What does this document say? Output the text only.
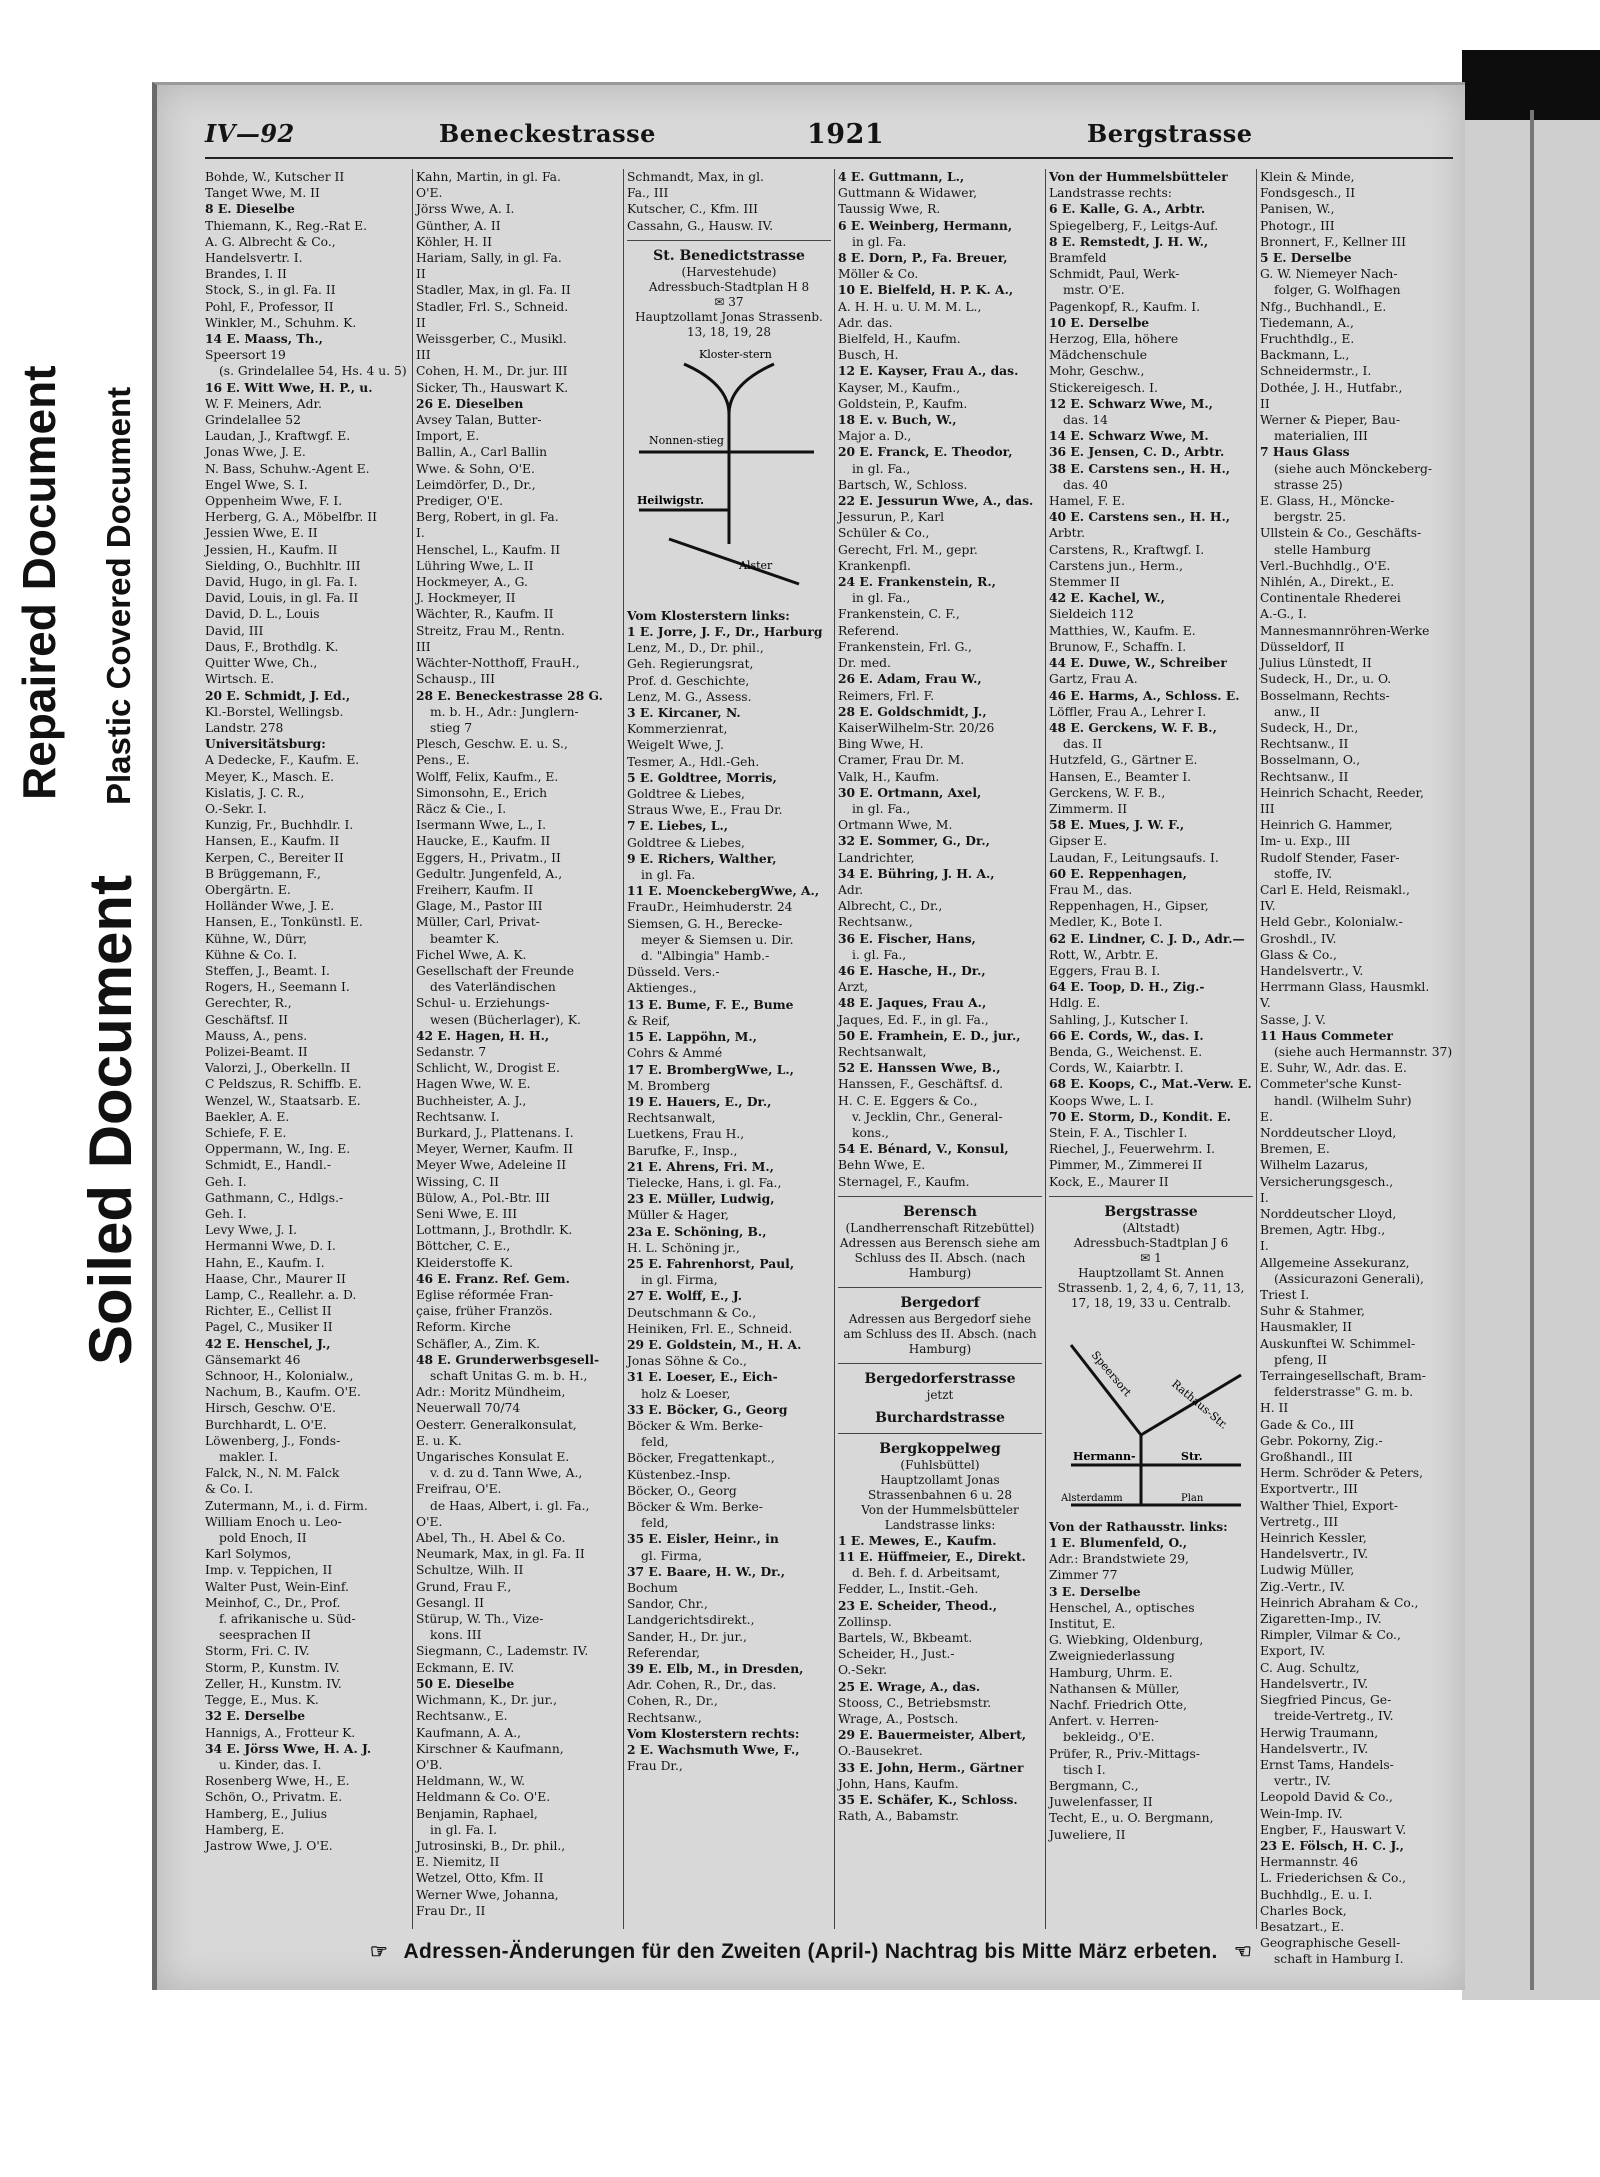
Repaired Document Plastic Covered Document
Soiled Document
IV—92	Beneckestrasse	1921	Bergstrasse
Bohde, W., Kutscher II
Tanget Wwe, M. II
8 E. Dieselbe
Thiemann, K., Reg.-Rat E.
A. G. Albrecht & Co.,
Handelsvertr. I.
Brandes, I. II
Stock, S., in gl. Fa. II
Pohl, F., Professor, II
Winkler, M., Schuhm. K.
14 E. Maass, Th.,
Speersort 19
(s. Grindelallee 54, Hs. 4 u. 5)
16 E. Witt Wwe, H. P., u.
W. F. Meiners, Adr.
Grindelallee 52
Laudan, J., Kraftwgf. E.
Jonas Wwe, J. E.
N. Bass, Schuhw.-Agent E.
Engel Wwe, S. I.
Oppenheim Wwe, F. I.
Herberg, G. A., Möbelfbr. II
Jessien Wwe, E. II
Jessien, H., Kaufm. II
Sielding, O., Buchhltr. III
David, Hugo, in gl. Fa. I.
David, Louis, in gl. Fa. II
David, D. L., Louis
David, III
Daus, F., Brothdlg. K.
Quitter Wwe, Ch.,
Wirtsch. E.
20 E. Schmidt, J. Ed.,
Kl.-Borstel, Wellingsb.
Landstr. 278
Universitätsburg:
A Dedecke, F., Kaufm. E.
Meyer, K., Masch. E.
Kislatis, J. C. R.,
O.-Sekr. I.
Kunzig, Fr., Buchhdlr. I.
Hansen, E., Kaufm. II
Kerpen, C., Bereiter II
B Brüggemann, F.,
Obergärtn. E.
Holländer Wwe, J. E.
Hansen, E., Tonkünstl. E.
Kühne, W., Dürr,
Kühne & Co. I.
Steffen, J., Beamt. I.
Rogers, H., Seemann I.
Gerechter, R.,
Geschäftsf. II
Mauss, A., pens.
Polizei-Beamt. II
Valorzi, J., Oberkelln. II
C Peldszus, R. Schiffb. E.
Wenzel, W., Staatsarb. E.
Baekler, A. E.
Schiefe, F. E.
Oppermann, W., Ing. E.
Schmidt, E., Handl.-
Geh. I.
Gathmann, C., Hdlgs.-
Geh. I.
Levy Wwe, J. I.
Hermanni Wwe, D. I.
Hahn, E., Kaufm. I.
Haase, Chr., Maurer II
Lamp, C., Reallehr. a. D.
Richter, E., Cellist II
Pagel, C., Musiker II
42 E. Henschel, J.,
Gänsemarkt 46
Schnoor, H., Kolonialw.,
Nachum, B., Kaufm. O'E.
Hirsch, Geschw. O'E.
Burchhardt, L. O'E.
Löwenberg, J., Fonds-
makler. I.
Falck, N., N. M. Falck
& Co. I.
Zutermann, M., i. d. Firm.
William Enoch u. Leo-
pold Enoch, II
Karl Solymos,
Imp. v. Teppichen, II
Walter Pust, Wein-Einf.
Meinhof, C., Dr., Prof.
f. afrikanische u. Süd-
seesprachen II
Storm, Fri. C. IV.
Storm, P., Kunstm. IV.
Zeller, H., Kunstm. IV.
Tegge, E., Mus. K.
32 E. Derselbe
Hannigs, A., Frotteur K.
34 E. Jörss Wwe, H. A. J.
u. Kinder, das. I.
Rosenberg Wwe, H., E.
Schön, O., Privatm. E.
Hamberg, E., Julius
Hamberg, E.
Jastrow Wwe, J. O'E.
Kahn, Martin, in gl. Fa.
O'E.
Jörss Wwe, A. I.
Günther, A. II
Köhler, H. II
Hariam, Sally, in gl. Fa.
II
Stadler, Max, in gl. Fa. II
Stadler, Frl. S., Schneid.
II
Weissgerber, C., Musikl.
III
Cohen, H. M., Dr. jur. III
Sicker, Th., Hauswart K.
26 E. Dieselben
Avsey Talan, Butter-
Import, E.
Ballin, A., Carl Ballin
Wwe. & Sohn, O'E.
Leimdörfer, D., Dr.,
Prediger, O'E.
Berg, Robert, in gl. Fa.
I.
Henschel, L., Kaufm. II
Lühring Wwe, L. II
Hockmeyer, A., G.
J. Hockmeyer, II
Wächter, R., Kaufm. II
Streitz, Frau M., Rentn.
III
Wächter-Notthoff, FrauH.,
Schausp., III
28 E. Beneckestrasse 28 G.
m. b. H., Adr.: Junglern-
stieg 7
Plesch, Geschw. E. u. S.,
Pens., E.
Wolff, Felix, Kaufm., E.
Simonsohn, E., Erich
Räcz & Cie., I.
Isermann Wwe, L., I.
Haucke, E., Kaufm. II
Eggers, H., Privatm., II
Gedultr. Jungenfeld, A.,
Freiherr, Kaufm. II
Glage, M., Pastor III
Müller, Carl, Privat-
beamter K.
Fichel Wwe, A. K.
Gesellschaft der Freunde
des Vaterländischen
Schul- u. Erziehungs-
wesen (Bücherlager), K.
42 E. Hagen, H. H.,
Sedanstr. 7
Schlicht, W., Drogist E.
Hagen Wwe, W. E.
Buchheister, A. J.,
Rechtsanw. I.
Burkard, J., Plattenans. I.
Meyer, Werner, Kaufm. II
Meyer Wwe, Adeleine II
Wissing, C. II
Bülow, A., Pol.-Btr. III
Seni Wwe, E. III
Lottmann, J., Brothdlr. K.
Böttcher, C. E.,
Kleiderstoffe K.
46 E. Franz. Ref. Gem.
Eglise réformée Fran-
çaise, früher Französ.
Reform. Kirche
Schäfler, A., Zim. K.
48 E. Grunderwerbsgesell-
schaft Unitas G. m. b. H.,
Adr.: Moritz Mündheim,
Neuerwall 70/74
Oesterr. Generalkonsulat,
E. u. K.
Ungarisches Konsulat E.
v. d. zu d. Tann Wwe, A.,
Freifrau, O'E.
de Haas, Albert, i. gl. Fa.,
O'E.
Abel, Th., H. Abel & Co.
Neumark, Max, in gl. Fa. II
Schultze, Wilh. II
Grund, Frau F.,
Gesangl. II
Stürup, W. Th., Vize-
kons. III
Siegmann, C., Lademstr. IV.
Eckmann, E. IV.
50 E. Dieselbe
Wichmann, K., Dr. jur.,
Rechtsanw., E.
Kaufmann, A. A.,
Kirschner & Kaufmann,
O'B.
Heldmann, W., W.
Heldmann & Co. O'E.
Benjamin, Raphael,
in gl. Fa. I.
Jutrosinski, B., Dr. phil.,
E. Niemitz, II
Wetzel, Otto, Kfm. II
Werner Wwe, Johanna,
Frau Dr., II
Schmandt, Max, in gl.
Fa., III
Kutscher, C., Kfm. III
Cassahn, G., Hausw. IV.
St. Benedictstrasse
(Harvestehude)
Adressbuch-Stadtplan H 8
✉ 37
Hauptzollamt Jonas Strassenb. 13, 18, 19, 28
Kloster-stern
Nonnen-stieg
Heilwigstr.
Alster
Vom Klosterstern links:
1 E. Jorre, J. F., Dr., Harburg
Lenz, M., D., Dr. phil.,
Geh. Regierungsrat,
Prof. d. Geschichte,
Lenz, M. G., Assess.
3 E. Kircaner, N.
Kommerzienrat,
Weigelt Wwe, J.
Tesmer, A., Hdl.-Geh.
5 E. Goldtree, Morris,
Goldtree & Liebes,
Straus Wwe, E., Frau Dr.
7 E. Liebes, L.,
Goldtree & Liebes,
9 E. Richers, Walther,
in gl. Fa.
11 E. MoenckebergWwe, A.,
FrauDr., Heimhuderstr. 24
Siemsen, G. H., Berecke-
meyer & Siemsen u. Dir.
d. "Albingia" Hamb.-
Düsseld. Vers.-
Aktienges.,
13 E. Bume, F. E., Bume
& Reif,
15 E. Lappöhn, M.,
Cohrs & Ammé
17 E. BrombergWwe, L.,
M. Bromberg
19 E. Hauers, E., Dr.,
Rechtsanwalt,
Luetkens, Frau H.,
Barufke, F., Insp.,
21 E. Ahrens, Fri. M.,
Tielecke, Hans, i. gl. Fa.,
23 E. Müller, Ludwig,
Müller & Hager,
23a E. Schöning, B.,
H. L. Schöning jr.,
25 E. Fahrenhorst, Paul,
in gl. Firma,
27 E. Wolff, E., J.
Deutschmann & Co.,
Heiniken, Frl. E., Schneid.
29 E. Goldstein, M., H. A.
Jonas Söhne & Co.,
31 E. Loeser, E., Eich-
holz & Loeser,
33 E. Böcker, G., Georg
Böcker & Wm. Berke-
feld,
Böcker, Fregattenkapt.,
Küstenbez.-Insp.
Böcker, O., Georg
Böcker & Wm. Berke-
feld,
35 E. Eisler, Heinr., in
gl. Firma,
37 E. Baare, H. W., Dr.,
Bochum
Sandor, Chr.,
Landgerichtsdirekt.,
Sander, H., Dr. jur.,
Referendar,
39 E. Elb, M., in Dresden,
Adr. Cohen, R., Dr., das.
Cohen, R., Dr.,
Rechtsanw.,
Vom Klosterstern rechts:
2 E. Wachsmuth Wwe, F.,
Frau Dr.,
4 E. Guttmann, L.,
Guttmann & Widawer,
Taussig Wwe, R.
6 E. Weinberg, Hermann,
in gl. Fa.
8 E. Dorn, P., Fa. Breuer,
Möller & Co.
10 E. Bielfeld, H. P. K. A.,
A. H. H. u. U. M. M. L.,
Adr. das.
Bielfeld, H., Kaufm.
Busch, H.
12 E. Kayser, Frau A., das.
Kayser, M., Kaufm.,
Goldstein, P., Kaufm.
18 E. v. Buch, W.,
Major a. D.,
20 E. Franck, E. Theodor,
in gl. Fa.,
Bartsch, W., Schloss.
22 E. Jessurun Wwe, A., das.
Jessurun, P., Karl
Schüler & Co.,
Gerecht, Frl. M., gepr.
Krankenpfl.
24 E. Frankenstein, R.,
in gl. Fa.,
Frankenstein, C. F.,
Referend.
Frankenstein, Frl. G.,
Dr. med.
26 E. Adam, Frau W.,
Reimers, Frl. F.
28 E. Goldschmidt, J.,
KaiserWilhelm-Str. 20/26
Bing Wwe, H.
Cramer, Frau Dr. M.
Valk, H., Kaufm.
30 E. Ortmann, Axel,
in gl. Fa.,
Ortmann Wwe, M.
32 E. Sommer, G., Dr.,
Landrichter,
34 E. Bühring, J. H. A.,
Adr.
Albrecht, C., Dr.,
Rechtsanw.,
36 E. Fischer, Hans,
i. gl. Fa.,
46 E. Hasche, H., Dr.,
Arzt,
48 E. Jaques, Frau A.,
Jaques, Ed. F., in gl. Fa.,
50 E. Framhein, E. D., jur.,
Rechtsanwalt,
52 E. Hanssen Wwe, B.,
Hanssen, F., Geschäftsf. d.
H. C. E. Eggers & Co.,
v. Jecklin, Chr., General-
kons.,
54 E. Bénard, V., Konsul,
Behn Wwe, E.
Sternagel, F., Kaufm.
Berensch
(Landherrenschaft Ritzebüttel)
Adressen aus Berensch siehe am Schluss des II. Absch. (nach Hamburg)
Bergedorf
Adressen aus Bergedorf siehe am Schluss des II. Absch. (nach Hamburg)
Bergedorferstrasse
jetzt
Burchardstrasse
Bergkoppelweg
(Fuhlsbüttel)
Hauptzollamt Jonas Strassenbahnen 6 u. 28
Von der Hummelsbütteler Landstrasse links:
1 E. Mewes, E., Kaufm.
11 E. Hüffmeier, E., Direkt.
d. Beh. f. d. Arbeitsamt,
Fedder, L., Instit.-Geh.
23 E. Scheider, Theod.,
Zollinsp.
Bartels, W., Bkbeamt.
Scheider, H., Just.-
O.-Sekr.
25 E. Wrage, A., das.
Stooss, C., Betriebsmstr.
Wrage, A., Postsch.
29 E. Bauermeister, Albert,
O.-Bausekret.
33 E. John, Herm., Gärtner
John, Hans, Kaufm.
35 E. Schäfer, K., Schloss.
Rath, A., Babamstr.
Von der Hummelsbütteler
Landstrasse rechts:
6 E. Kalle, G. A., Arbtr.
Spiegelberg, F., Leitgs-Auf.
8 E. Remstedt, J. H. W.,
Bramfeld
Schmidt, Paul, Werk-
mstr. O'E.
Pagenkopf, R., Kaufm. I.
10 E. Derselbe
Herzog, Ella, höhere
Mädchenschule
Mohr, Geschw.,
Stickereigesch. I.
12 E. Schwarz Wwe, M.,
das. 14
14 E. Schwarz Wwe, M.
36 E. Jensen, C. D., Arbtr.
38 E. Carstens sen., H. H.,
das. 40
Hamel, F. E.
40 E. Carstens sen., H. H.,
Arbtr.
Carstens, R., Kraftwgf. I.
Carstens jun., Herm.,
Stemmer II
42 E. Kachel, W.,
Sieldeich 112
Matthies, W., Kaufm. E.
Brunow, F., Schaffn. I.
44 E. Duwe, W., Schreiber
Gartz, Frau A.
46 E. Harms, A., Schloss. E.
Löffler, Frau A., Lehrer I.
48 E. Gerckens, W. F. B.,
das. II
Hutzfeld, G., Gärtner E.
Hansen, E., Beamter I.
Gerckens, W. F. B.,
Zimmerm. II
58 E. Mues, J. W. F.,
Gipser E.
Laudan, F., Leitungsaufs. I.
60 E. Reppenhagen,
Frau M., das.
Reppenhagen, H., Gipser,
Medler, K., Bote I.
62 E. Lindner, C. J. D., Adr.—
Rott, W., Arbtr. E.
Eggers, Frau B. I.
64 E. Toop, D. H., Zig.-
Hdlg. E.
Sahling, J., Kutscher I.
66 E. Cords, W., das. I.
Benda, G., Weichenst. E.
Cords, W., Kaiarbtr. I.
68 E. Koops, C., Mat.-Verw. E.
Koops Wwe, L. I.
70 E. Storm, D., Kondit. E.
Stein, F. A., Tischler I.
Riechel, J., Feuerwehrm. I.
Pimmer, M., Zimmerei II
Kock, E., Maurer II
Bergstrasse
(Altstadt)
Adressbuch-Stadtplan J 6
✉ 1
Hauptzollamt St. Annen Strassenb. 1, 2, 4, 6, 7, 11, 13, 17, 18, 19, 33 u. Centralb.
Speersort
Rathaus-Str.
Hermann-	Str.
Alsterdamm	Plan
Von der Rathausstr. links:
1 E. Blumenfeld, O.,
Adr.: Brandstwiete 29,
Zimmer 77
3 E. Derselbe
Henschel, A., optisches
Institut, E.
G. Wiebking, Oldenburg,
Zweigniederlassung
Hamburg, Uhrm. E.
Nathansen & Müller,
Nachf. Friedrich Otte,
Anfert. v. Herren-
bekleidg., O'E.
Prüfer, R., Priv.-Mittags-
tisch I.
Bergmann, C.,
Juwelenfasser, II
Techt, E., u. O. Bergmann,
Juweliere, II
Klein & Minde,
Fondsgesch., II
Panisen, W.,
Photogr., III
Bronnert, F., Kellner III
5 E. Derselbe
G. W. Niemeyer Nach-
folger, G. Wolfhagen
Nfg., Buchhandl., E.
Tiedemann, A.,
Fruchthdlg., E.
Backmann, L.,
Schneidermstr., I.
Dothée, J. H., Hutfabr.,
II
Werner & Pieper, Bau-
materialien, III
7 Haus Glass
(siehe auch Mönckeberg-
strasse 25)
E. Glass, H., Möncke-
bergstr. 25.
Ullstein & Co., Geschäfts-
stelle Hamburg
Verl.-Buchhdlg., O'E.
Nihlén, A., Direkt., E.
Continentale Rhederei
A.-G., I.
Mannesmannröhren-Werke
Düsseldorf, II
Julius Lünstedt, II
Sudeck, H., Dr., u. O.
Bosselmann, Rechts-
anw., II
Sudeck, H., Dr.,
Rechtsanw., II
Bosselmann, O.,
Rechtsanw., II
Heinrich Schacht, Reeder,
III
Heinrich G. Hammer,
Im- u. Exp., III
Rudolf Stender, Faser-
stoffe, IV.
Carl E. Held, Reismakl.,
IV.
Held Gebr., Kolonialw.-
Groshdl., IV.
Glass & Co.,
Handelsvertr., V.
Herrmann Glass, Hausmkl.
V.
Sasse, J. V.
11 Haus Commeter
(siehe auch Hermannstr. 37)
E. Suhr, W., Adr. das. E.
Commeter'sche Kunst-
handl. (Wilhelm Suhr)
E.
Norddeutscher Lloyd,
Bremen, E.
Wilhelm Lazarus,
Versicherungsgesch.,
I.
Norddeutscher Lloyd,
Bremen, Agtr. Hbg.,
I.
Allgemeine Assekuranz,
(Assicurazoni Generali),
Triest I.
Suhr & Stahmer,
Hausmakler, II
Auskunftei W. Schimmel-
pfeng, II
Terraingesellschaft, Bram-
felderstrasse" G. m. b.
H. II
Gade & Co., III
Gebr. Pokorny, Zig.-
Großhandl., III
Herm. Schröder & Peters,
Exportvertr., III
Walther Thiel, Export-
Vertretg., III
Heinrich Kessler,
Handelsvertr., IV.
Ludwig Müller,
Zig.-Vertr., IV.
Heinrich Abraham & Co.,
Zigaretten-Imp., IV.
Rimpler, Vilmar & Co.,
Export, IV.
C. Aug. Schultz,
Handelsvertr., IV.
Siegfried Pincus, Ge-
treide-Vertretg., IV.
Herwig Traumann,
Handelsvertr., IV.
Ernst Tams, Handels-
vertr., IV.
Leopold David & Co.,
Wein-Imp. IV.
Engber, F., Hauswart V.
23 E. Fölsch, H. C. J.,
Hermannstr. 46
L. Friederichsen & Co.,
Buchhdlg., E. u. I.
Charles Bock,
Besatzart., E.
Geographische Gesell-
schaft in Hamburg I.
☞ Adressen-Änderungen für den Zweiten (April-) Nachtrag bis Mitte März erbeten. ☜
